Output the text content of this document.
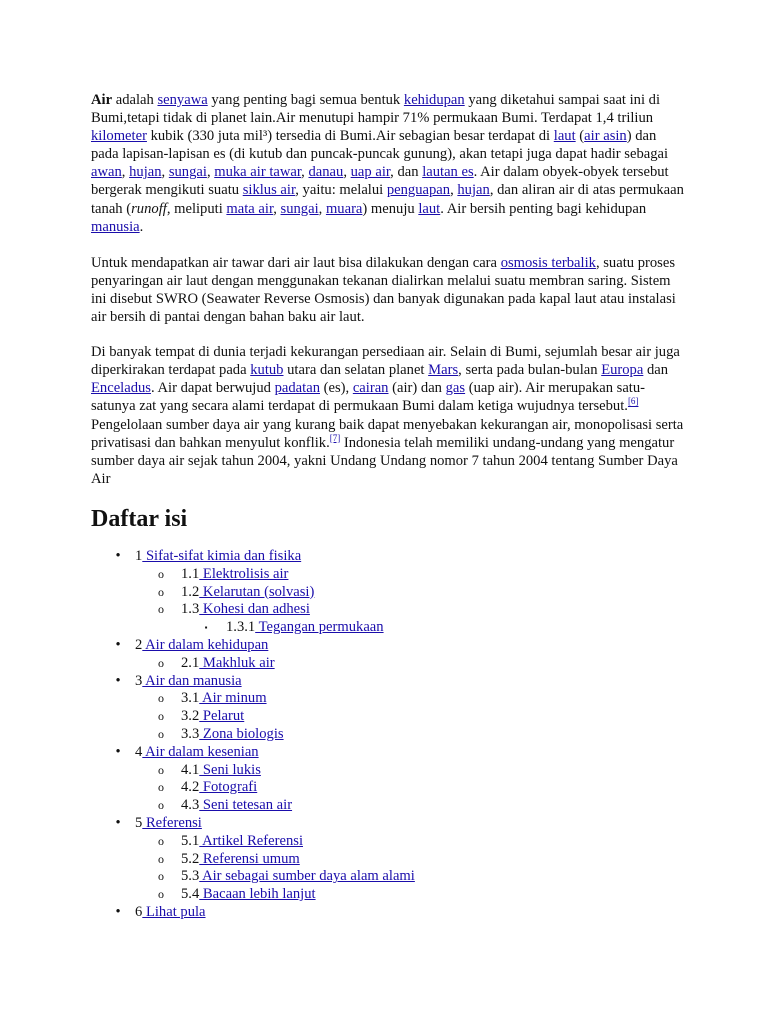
Air adalah senyawa yang penting bagi semua bentuk kehidupan yang diketahui sampai saat ini di Bumi,tetapi tidak di planet lain.Air menutupi hampir 71% permukaan Bumi. Terdapat 1,4 triliun kilometer kubik (330 juta mil³) tersedia di Bumi.Air sebagian besar terdapat di laut (air asin) dan pada lapisan-lapisan es (di kutub dan puncak-puncak gunung), akan tetapi juga dapat hadir sebagai awan, hujan, sungai, muka air tawar, danau, uap air, dan lautan es. Air dalam obyek-obyek tersebut bergerak mengikuti suatu siklus air, yaitu: melalui penguapan, hujan, dan aliran air di atas permukaan tanah (runoff, meliputi mata air, sungai, muara) menuju laut. Air bersih penting bagi kehidupan manusia.

Untuk mendapatkan air tawar dari air laut bisa dilakukan dengan cara osmosis terbalik, suatu proses penyaringan air laut dengan menggunakan tekanan dialirkan melalui suatu membran saring. Sistem ini disebut SWRO (Seawater Reverse Osmosis) dan banyak digunakan pada kapal laut atau instalasi air bersih di pantai dengan bahan baku air laut.

Di banyak tempat di dunia terjadi kekurangan persediaan air. Selain di Bumi, sejumlah besar air juga diperkirakan terdapat pada kutub utara dan selatan planet Mars, serta pada bulan-bulan Europa dan Enceladus. Air dapat berwujud padatan (es), cairan (air) dan gas (uap air). Air merupakan satu-satunya zat yang secara alami terdapat di permukaan Bumi dalam ketiga wujudnya tersebut.[6] Pengelolaan sumber daya air yang kurang baik dapat menyebakan kekurangan air, monopolisasi serta privatisasi dan bahkan menyulut konflik.[7] Indonesia telah memiliki undang-undang yang mengatur sumber daya air sejak tahun 2004, yakni Undang Undang nomor 7 tahun 2004 tentang Sumber Daya Air

Daftar isi
• 1 Sifat-sifat kimia dan fisika
o 1.1 Elektrolisis air
o 1.2 Kelarutan (solvasi)
o 1.3 Kohesi dan adhesi
▪ 1.3.1 Tegangan permukaan
• 2 Air dalam kehidupan
o 2.1 Makhluk air
• 3 Air dan manusia
o 3.1 Air minum
o 3.2 Pelarut
o 3.3 Zona biologis
• 4 Air dalam kesenian
o 4.1 Seni lukis
o 4.2 Fotografi
o 4.3 Seni tetesan air
• 5 Referensi
o 5.1 Artikel Referensi
o 5.2 Referensi umum
o 5.3 Air sebagai sumber daya alam alami
o 5.4 Bacaan lebih lanjut
• 6 Lihat pula
